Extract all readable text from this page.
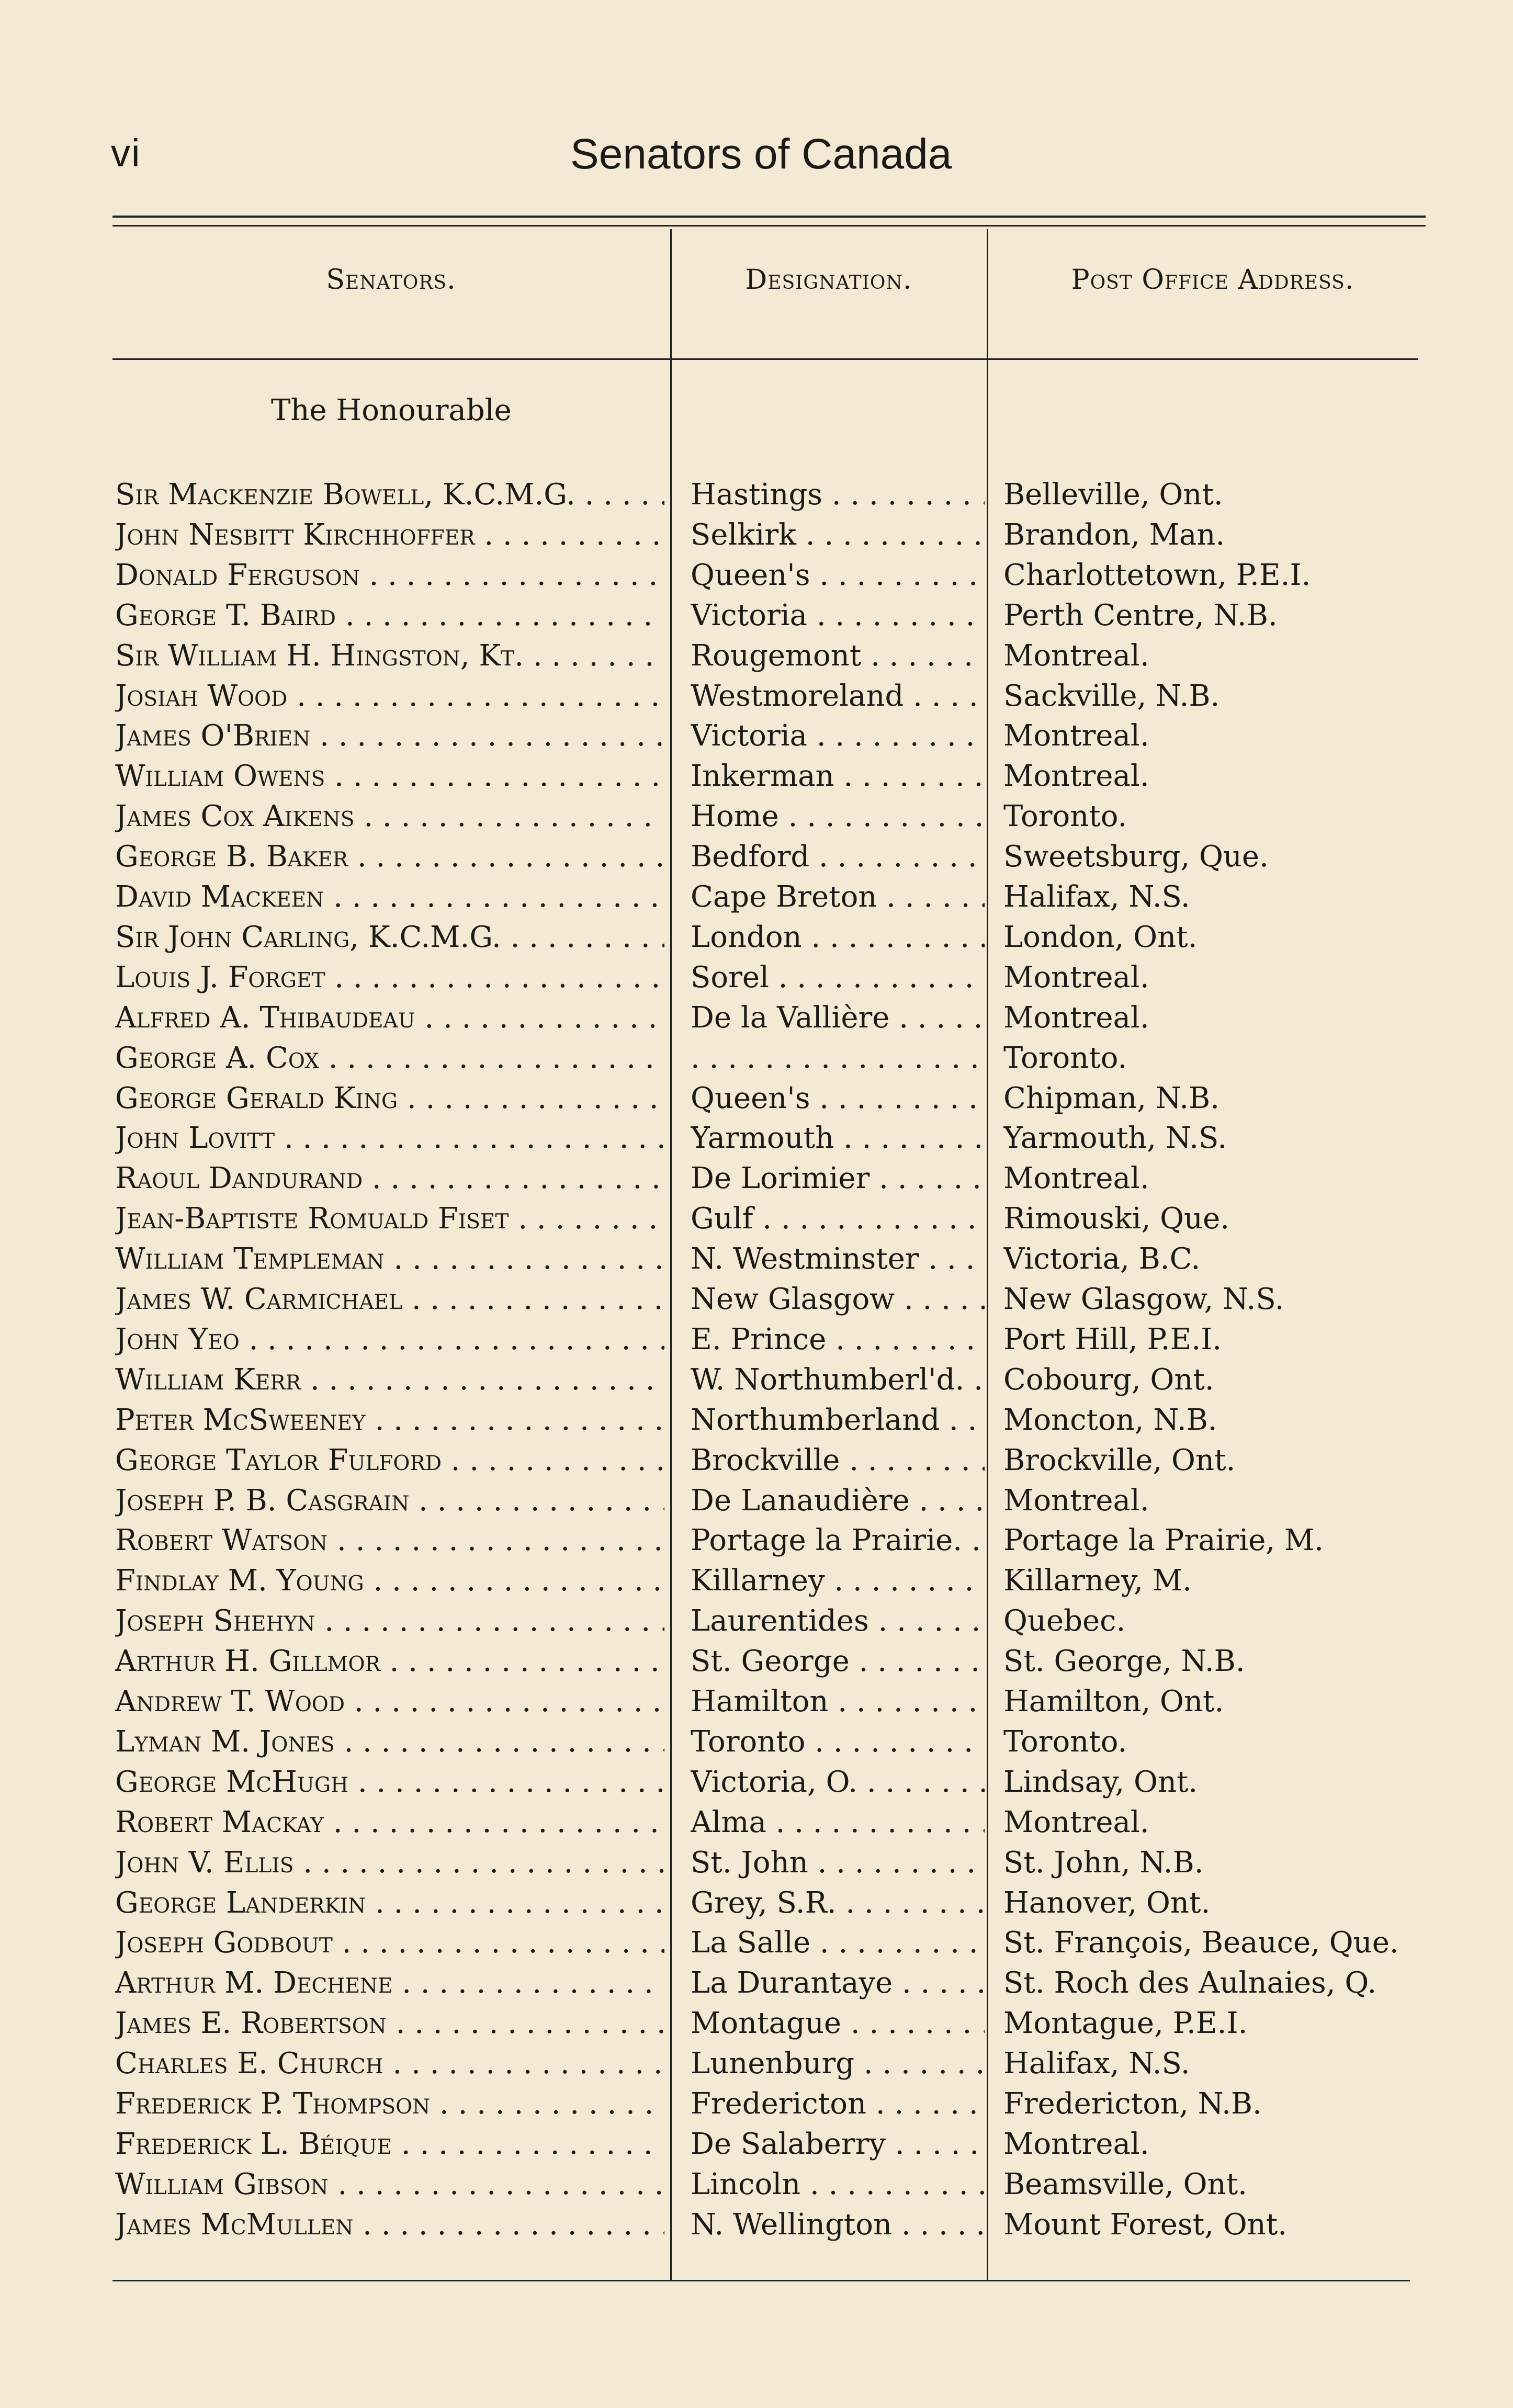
vi	Senators of Canada
Senators.	Designation.	Post Office Address.
The Honourable
Sir Mackenzie Bowell, K.C.M.G. . . .	Hastings . . .	Belleville, Ont.
John Nesbitt Kirchhoffer . . .	Selkirk . . .	Brandon, Man.
Donald Ferguson . . .	Queen's . . .	Charlottetown, P.E.I.
George T. Baird . . .	Victoria . . .	Perth Centre, N.B.
Sir William H. Hingston, Kt. . . .	Rougemont . . .	Montreal.
Josiah Wood . . .	Westmoreland . . .	Sackville, N.B.
James O'Brien . . .	Victoria . . .	Montreal.
William Owens . . .	Inkerman . . .	Montreal.
James Cox Aikens . . .	Home . . .	Toronto.
George B. Baker . . .	Bedford . . .	Sweetsburg, Que.
David Mackeen . . .	Cape Breton . . .	Halifax, N.S.
Sir John Carling, K.C.M.G. . . .	London . . .	London, Ont.
Louis J. Forget . . .	Sorel . . .	Montreal.
Alfred A. Thibaudeau . . .	De la Vallière . . .	Montreal.
George A. Cox . . .
. . .	Toronto.
George Gerald King . . .	Queen's . . .	Chipman, N.B.
John Lovitt . . .	Yarmouth . . .	Yarmouth, N.S.
Raoul Dandurand . . .	De Lorimier . . .	Montreal.
Jean-Baptiste Romuald Fiset . . .	Gulf . . .	Rimouski, Que.
William Templeman . . .	N. Westminster . . .	Victoria, B.C.
James W. Carmichael . . .	New Glasgow . . .	New Glasgow, N.S.
John Yeo . . .	E. Prince . . .	Port Hill, P.E.I.
William Kerr . . .	W. Northumberl'd. . . .	Cobourg, Ont.
Peter McSweeney . . .	Northumberland . . .	Moncton, N.B.
George Taylor Fulford . . .	Brockville . . .	Brockville, Ont.
Joseph P. B. Casgrain . . .	De Lanaudière . . .	Montreal.
Robert Watson . . .	Portage la Prairie. . . .	Portage la Prairie, M.
Findlay M. Young . . .	Killarney . . .	Killarney, M.
Joseph Shehyn . . .	Laurentides . . .	Quebec.
Arthur H. Gillmor . . .	St. George . . .	St. George, N.B.
Andrew T. Wood . . .	Hamilton . . .	Hamilton, Ont.
Lyman M. Jones . . .	Toronto . . .	Toronto.
George McHugh . . .	Victoria, O. . . .	Lindsay, Ont.
Robert Mackay . . .	Alma . . .	Montreal.
John V. Ellis . . .	St. John . . .	St. John, N.B.
George Landerkin . . .	Grey, S.R. . . .	Hanover, Ont.
Joseph Godbout . . .	La Salle . . .	St. François, Beauce, Que.
Arthur M. Dechene . . .	La Durantaye . . .	St. Roch des Aulnaies, Q.
James E. Robertson . . .	Montague . . .	Montague, P.E.I.
Charles E. Church . . .	Lunenburg . . .	Halifax, N.S.
Frederick P. Thompson . . .	Fredericton . . .	Fredericton, N.B.
Frederick L. Béique . . .	De Salaberry . . .	Montreal.
William Gibson . . .	Lincoln . . .	Beamsville, Ont.
James McMullen . . .	N. Wellington . . .	Mount Forest, Ont.
